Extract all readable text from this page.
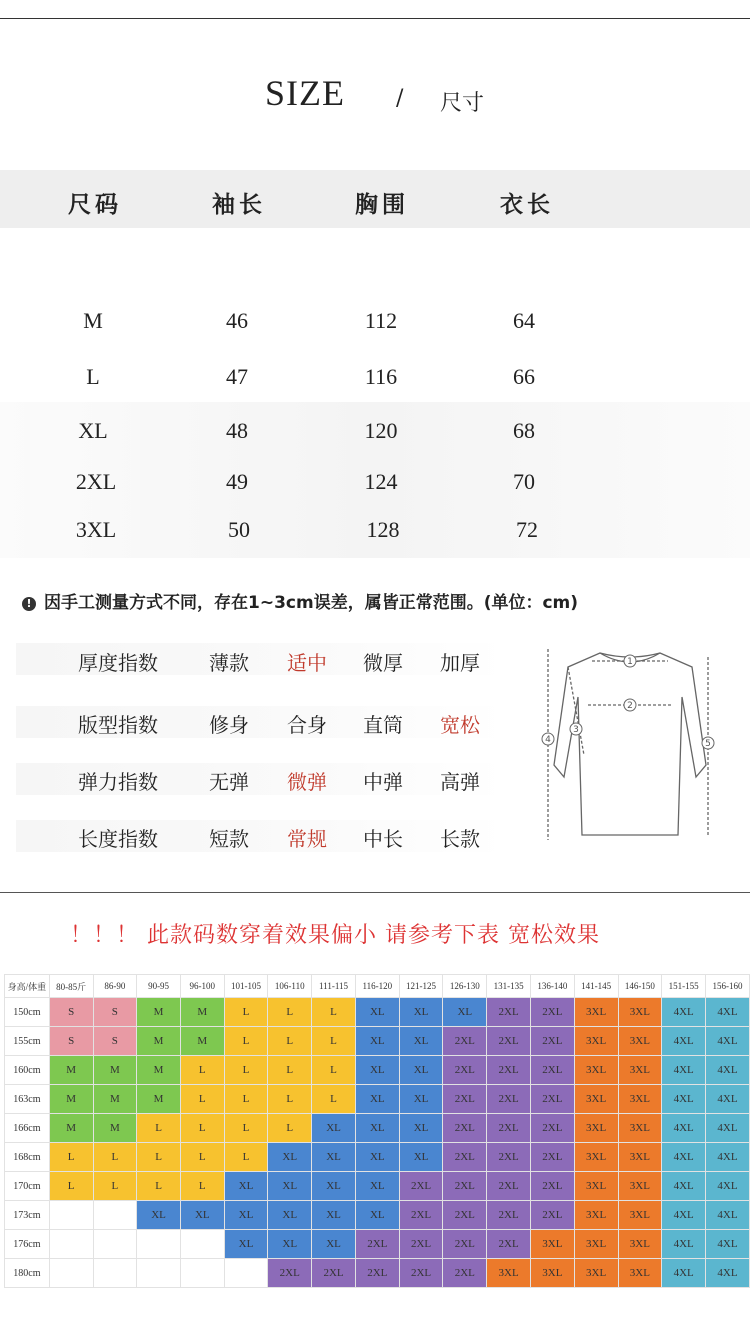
SIZE / 尺寸
尺码	袖长	胸围	衣长
M	46	112	64
L	47	116	66
XL	48	120	68
2XL	49	124	70
3XL	50	128	72
! 因手工测量方式不同，存在1~3cm误差，属皆正常范围。(单位：cm)
厚度指数	薄款 适中 微厚 加厚
版型指数	修身 合身 直筒 宽松
弹力指数	无弹 微弹 中弹 高弹
长度指数	短款 常规 中长 长款
1
2
3
4	5
！！！ 此款码数穿着效果偏小 请参考下表 宽松效果
身高/体重	80-85斤	86-90	90-95	96-100	101-105	106-110	111-115	116-120	121-125	126-130	131-135	136-140	141-145	146-150	151-155	156-160
150cm	S	S	M	M	L	L	L	XL	XL	XL	2XL	2XL	3XL	3XL	4XL	4XL
155cm	S	S	M	M	L	L	L	XL	XL	2XL	2XL	2XL	3XL	3XL	4XL	4XL
160cm	M	M	M	L	L	L	L	XL	XL	2XL	2XL	2XL	3XL	3XL	4XL	4XL
163cm	M	M	M	L	L	L	L	XL	XL	2XL	2XL	2XL	3XL	3XL	4XL	4XL
166cm	M	M	L	L	L	L	XL	XL	XL	2XL	2XL	2XL	3XL	3XL	4XL	4XL
168cm	L	L	L	L	L	XL	XL	XL	XL	2XL	2XL	2XL	3XL	3XL	4XL	4XL
170cm	L	L	L	L	XL	XL	XL	XL	2XL	2XL	2XL	2XL	3XL	3XL	4XL	4XL
173cm			XL	XL	XL	XL	XL	XL	2XL	2XL	2XL	2XL	3XL	3XL	4XL	4XL
176cm					XL	XL	XL	2XL	2XL	2XL	2XL	3XL	3XL	3XL	4XL	4XL
180cm						2XL	2XL	2XL	2XL	2XL	3XL	3XL	3XL	3XL	4XL	4XL
